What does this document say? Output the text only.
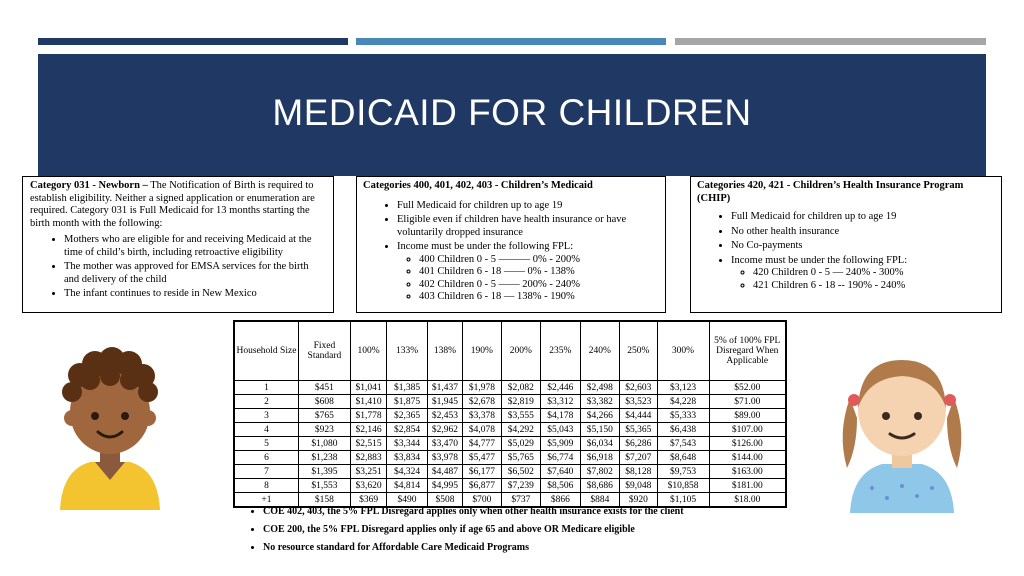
MEDICAID FOR CHILDREN

Category 031 - Newborn – The Notification of Birth is required to establish eligibility. Neither a signed application or enumeration are required. Category 031 is Full Medicaid for 13 months starting the birth month with the following:

• Mothers who are eligible for and receiving Medicaid at the time of child’s birth, including retroactive eligibility
• The mother was approved for EMSA services for the birth and delivery of the child
• The infant continues to reside in New Mexico

Categories 400, 401, 402, 403 - Children’s Medicaid

• Full Medicaid for children up to age 19
• Eligible even if children have health insurance or have voluntarily dropped insurance
• Income must be under the following FPL:
◦ 400 Children 0 - 5 ——— 0% - 200%
◦ 401 Children 6 - 18 —— 0% - 138%
◦ 402 Children 0 - 5 —— 200% - 240%
◦ 403 Children 6 - 18 — 138% - 190%

Categories 420, 421 - Children’s Health Insurance Program (CHIP)

• Full Medicaid for children up to age 19
• No other health insurance
• No Co-payments
• Income must be under the following FPL:
◦ 420 Children 0 - 5 — 240% - 300%
◦ 421 Children 6 - 18 -- 190% - 240%
Household Size	Fixed Standard	100%	133%	138%	190%	200%	235%	240%	250%	300%	5% of 100% FPL Disregard When Applicable
1	$451	$1,041	$1,385	$1,437	$1,978	$2,082	$2,446	$2,498	$2,603	$3,123	$52.00
2	$608	$1,410	$1,875	$1,945	$2,678	$2,819	$3,312	$3,382	$3,523	$4,228	$71.00
3	$765	$1,778	$2,365	$2,453	$3,378	$3,555	$4,178	$4,266	$4,444	$5,333	$89.00
4	$923	$2,146	$2,854	$2,962	$4,078	$4,292	$5,043	$5,150	$5,365	$6,438	$107.00
5	$1,080	$2,515	$3,344	$3,470	$4,777	$5,029	$5,909	$6,034	$6,286	$7,543	$126.00
6	$1,238	$2,883	$3,834	$3,978	$5,477	$5,765	$6,774	$6,918	$7,207	$8,648	$144.00
7	$1,395	$3,251	$4,324	$4,487	$6,177	$6,502	$7,640	$7,802	$8,128	$9,753	$163.00
8	$1,553	$3,620	$4,814	$4,995	$6,877	$7,239	$8,506	$8,686	$9,048	$10,858	$181.00
+1	$158	$369	$490	$508	$700	$737	$866	$884	$920	$1,105	$18.00
• COE 402, 403, the 5% FPL Disregard applies only when other health insurance exists for the client
• COE 200, the 5% FPL Disregard applies only if age 65 and above OR Medicare eligible
• No resource standard for Affordable Care Medicaid Programs
